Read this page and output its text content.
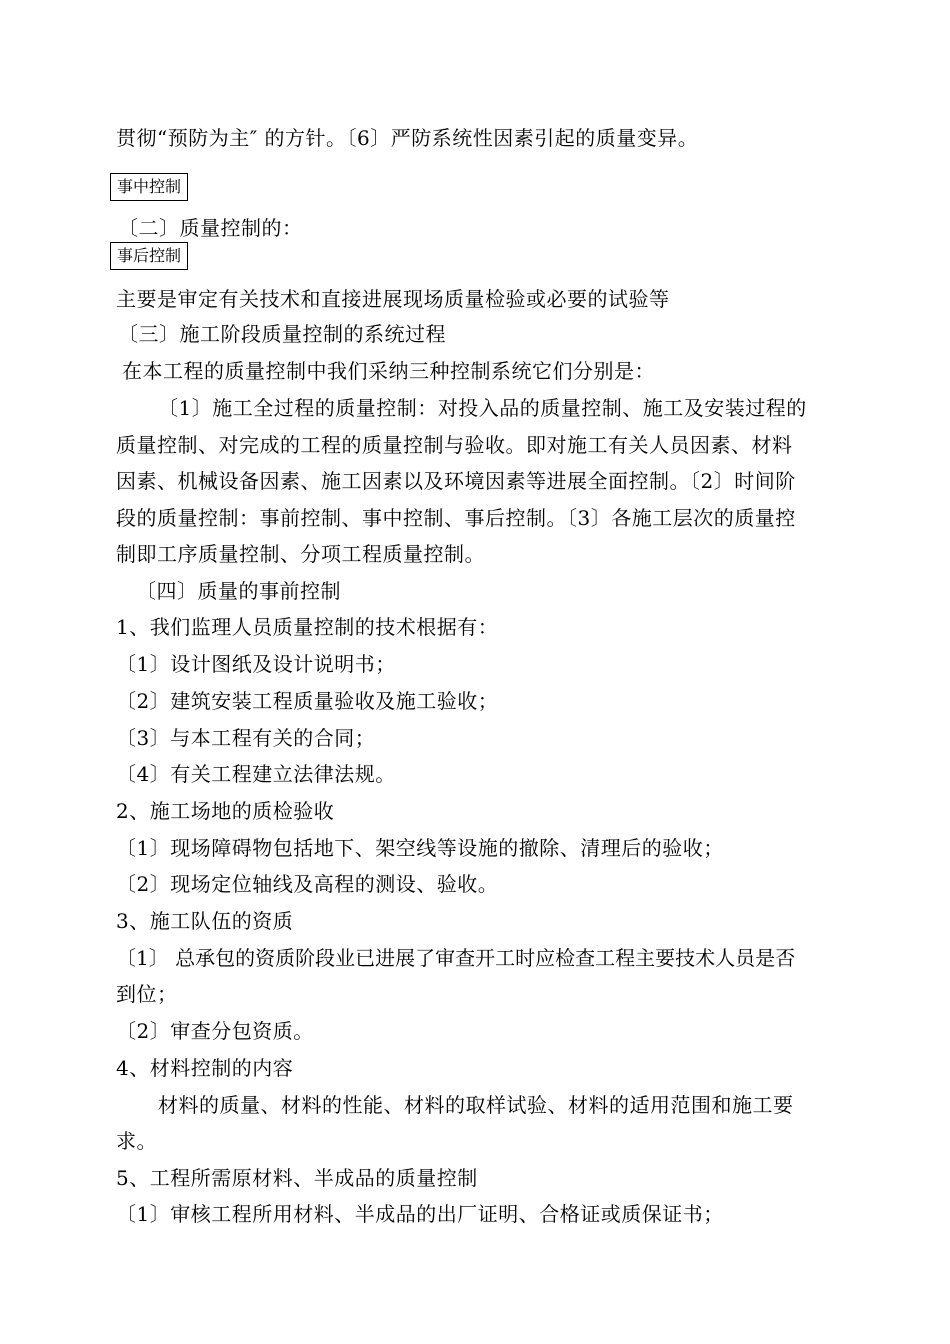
贯彻“预防为主″ 的方针。〔6〕严防系统性因素引起的质量变异。
事中控制
〔二〕质量控制的：
事后控制
主要是审定有关技术和直接进展现场质量检验或必要的试验等
〔三〕施工阶段质量控制的系统过程
在本工程的质量控制中我们采纳三种控制系统它们分别是：
〔1〕施工全过程的质量控制：对投入品的质量控制、施工及安装过程的
质量控制、对完成的工程的质量控制与验收。即对施工有关人员因素、材料
因素、机械设备因素、施工因素以及环境因素等进展全面控制。〔2〕时间阶
段的质量控制：事前控制、事中控制、事后控制。〔3〕各施工层次的质量控
制即工序质量控制、分项工程质量控制。
〔四〕质量的事前控制
1、我们监理人员质量控制的技术根据有：
〔1〕设计图纸及设计说明书；
〔2〕建筑安装工程质量验收及施工验收；
〔3〕与本工程有关的合同；
〔4〕有关工程建立法律法规。
2、施工场地的质检验收
〔1〕现场障碍物包括地下、架空线等设施的撤除、清理后的验收；
〔2〕现场定位轴线及高程的测设、验收。
3、施工队伍的资质
〔1〕 总承包的资质阶段业已进展了审查开工时应检查工程主要技术人员是否
到位；
〔2〕审查分包资质。
4、材料控制的内容
材料的质量、材料的性能、材料的取样试验、材料的适用范围和施工要
求。
5、工程所需原材料、半成品的质量控制
〔1〕审核工程所用材料、半成品的出厂证明、合格证或质保证书；
